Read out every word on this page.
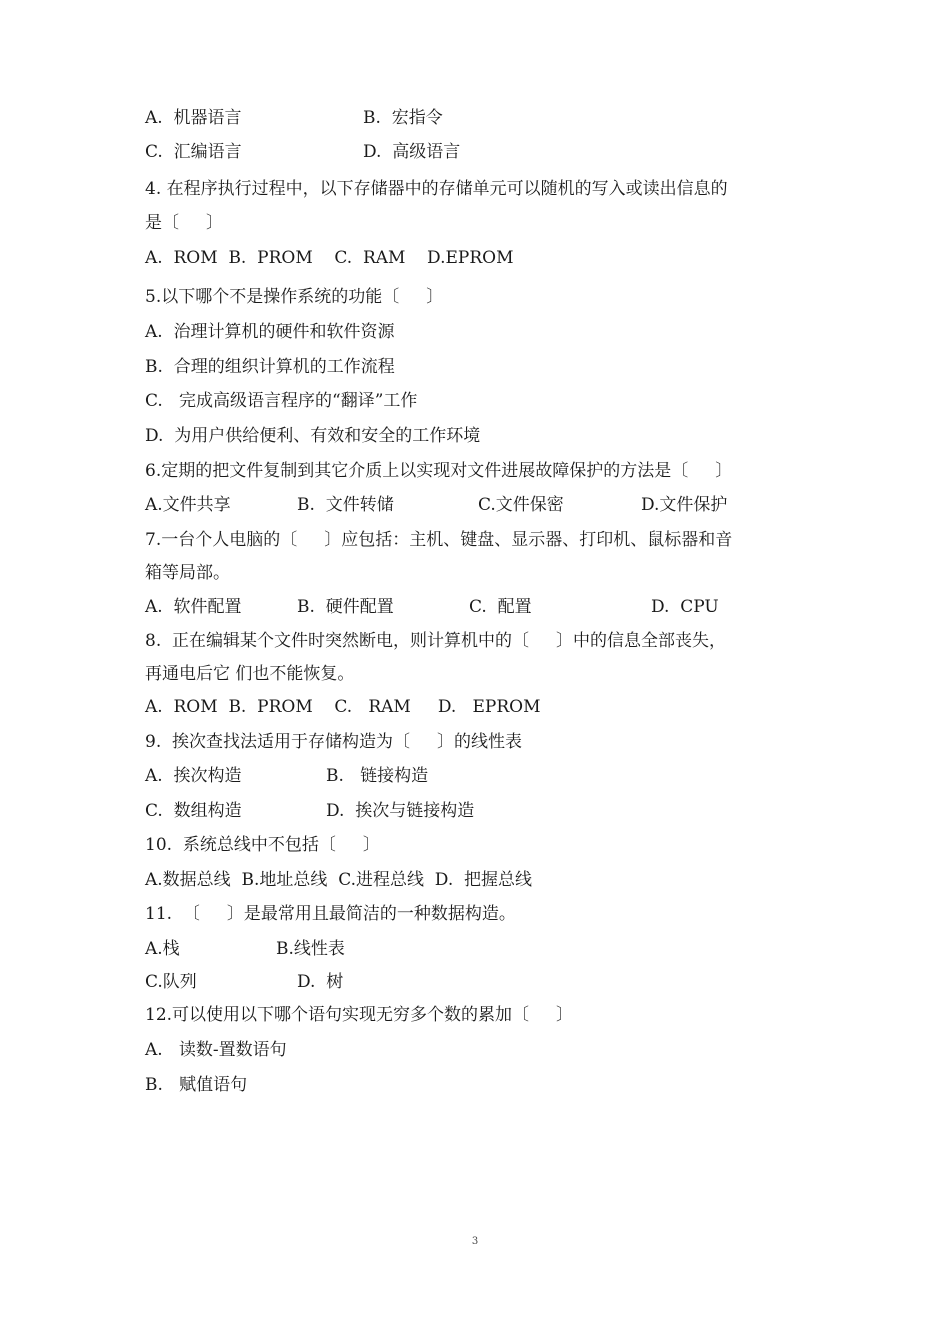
A.  机器语言	B.  宏指令
C.  汇编语言	D.  高级语言
4. 在程序执行过程中，以下存储器中的存储单元可以随机的写入或读出信息的
是〔     〕
A.  ROM  B.  PROM    C.  RAM    D.EPROM
5.以下哪个不是操作系统的功能〔     〕
A.  治理计算机的硬件和软件资源
B.  合理的组织计算机的工作流程
C.   完成高级语言程序的“翻译”工作
D.  为用户供给便利、有效和安全的工作环境
6.定期的把文件复制到其它介质上以实现对文件进展故障保护的方法是〔     〕
A.文件共享	B.  文件转储	C.文件保密	D.文件保护
7.一台个人电脑的〔     〕应包括：主机、键盘、显示器、打印机、鼠标器和音
箱等局部。
A.  软件配置	B.  硬件配置	C.  配置	D.  CPU
8.  正在编辑某个文件时突然断电，则计算机中的〔     〕中的信息全部丧失，
再通电后它 们也不能恢复。
A.  ROM  B.  PROM    C.   RAM     D.   EPROM
9.  挨次查找法适用于存储构造为〔     〕的线性表
A.  挨次构造	B.   链接构造
C.  数组构造	D.  挨次与链接构造
10.  系统总线中不包括〔     〕
A.数据总线  B.地址总线  C.进程总线  D.  把握总线
11.  〔     〕是最常用且最简洁的一种数据构造。
A.栈	B.线性表
C.队列	D.  树
12.可以使用以下哪个语句实现无穷多个数的累加〔     〕
A.   读数-置数语句
B.   赋值语句
3
